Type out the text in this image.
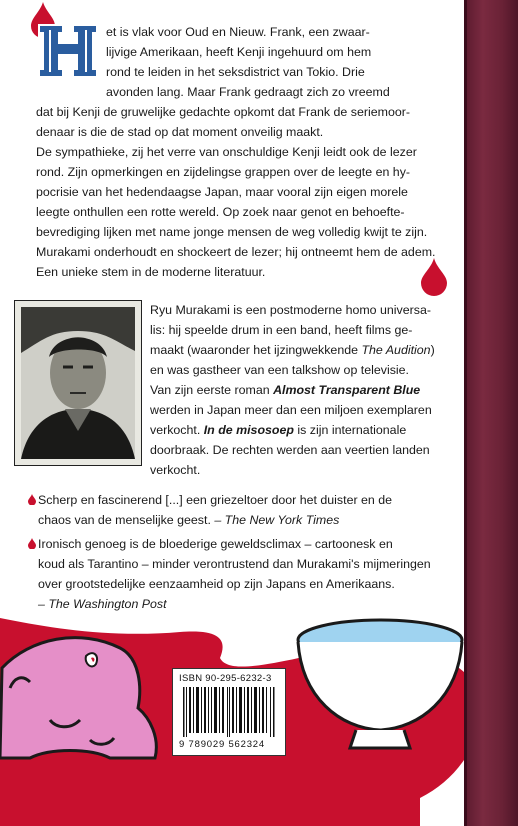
et is vlak voor Oud en Nieuw. Frank, een zwaar-

lijvige Amerikaan, heeft Kenji ingehuurd om hem

rond te leiden in het seksdistrict van Tokio. Drie

avonden lang. Maar Frank gedraagt zich zo vreemd

dat bij Kenji de gruwelijke gedachte opkomt dat Frank de seriemoor-

denaar is die de stad op dat moment onveilig maakt.

De sympathieke, zij het verre van onschuldige Kenji leidt ook de lezer

rond. Zijn opmerkingen en zijdelingse grappen over de leegte en hy-

pocrisie van het hedendaagse Japan, maar vooral zijn eigen morele

leegte onthullen een rotte wereld. Op zoek naar genot en behoefte-

bevrediging lijken met name jonge mensen de weg volledig kwijt te zijn.

Murakami onderhoudt en shockeert de lezer; hij ontneemt hem de adem.

Een unieke stem in de moderne literatuur.

Ryu Murakami is een postmoderne homo universa-

lis: hij speelde drum in een band, heeft films ge-

maakt (waaronder het ijzingwekkende The Audition)

en was gastheer van een talkshow op televisie.

Van zijn eerste roman Almost Transparent Blue

werden in Japan meer dan een miljoen exemplaren

verkocht. In de misosoep is zijn internationale

doorbraak. De rechten werden aan veertien landen

verkocht.

Scherp en fascinerend [...] een griezeltoer door het duister en de

chaos van de menselijke geest. – The New York Times

Ironisch genoeg is de bloederige geweldsclimax – cartoonesk en

koud als Tarantino – minder verontrustend dan Murakami's mijmeringen

over grootstedelijke eenzaamheid op zijn Japans en Amerikaans.

– The Washington Post

ISBN 90-295-6232-3
9 789029 562324
